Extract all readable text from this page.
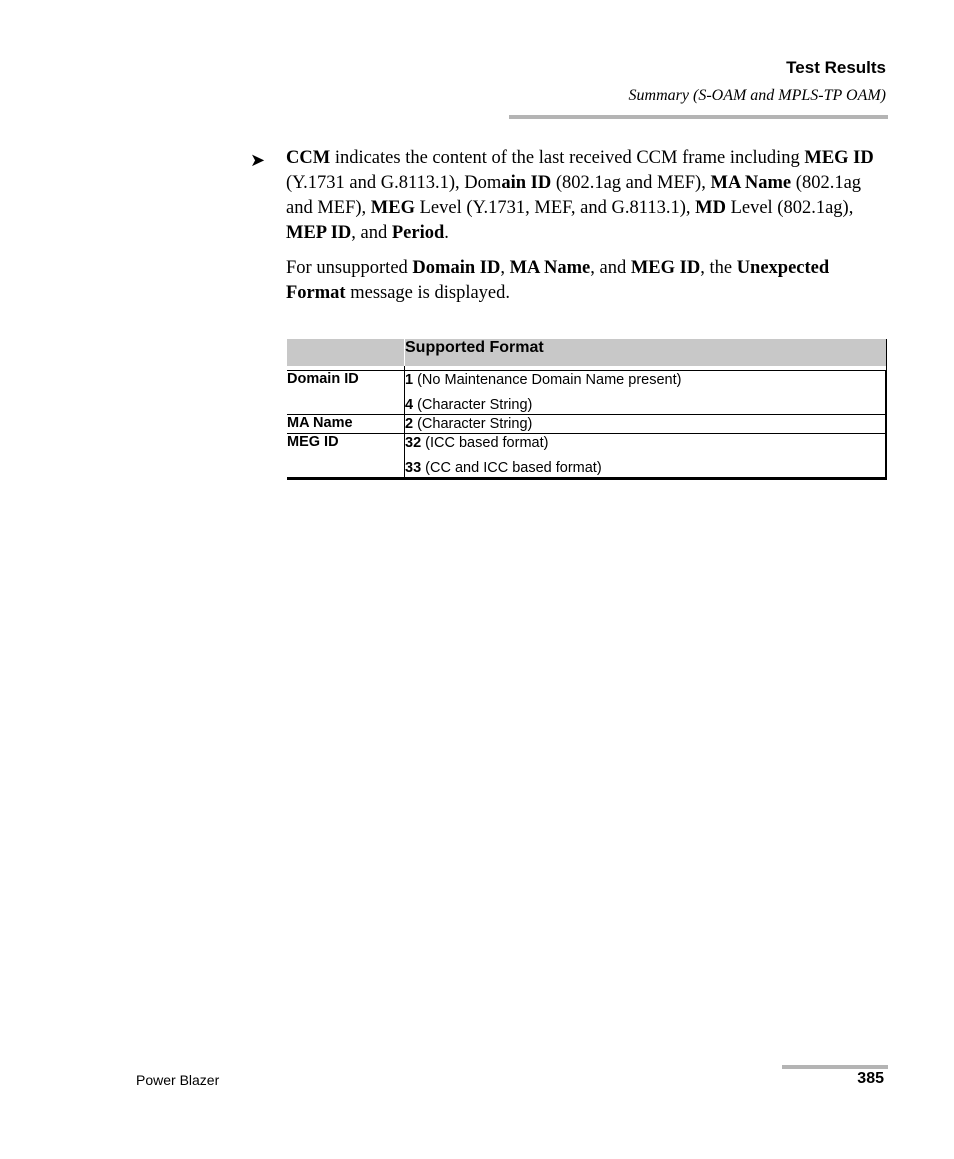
Test Results
Summary (S-OAM and MPLS-TP OAM)
➤ CCM indicates the content of the last received CCM frame including MEG ID (Y.1731 and G.8113.1), Domain ID (802.1ag and MEF), MA Name (802.1ag and MEF), MEG Level (Y.1731, MEF, and G.8113.1), MD Level (802.1ag), MEP ID, and Period.

For unsupported Domain ID, MA Name, and MEG ID, the Unexpected Format message is displayed.

	Supported Format

Domain ID	1 (No Maintenance Domain Name present)
4 (Character String)

MA Name	2 (Character String)

MEG ID	32 (ICC based format)
33 (CC and ICC based format)
Power Blazer	385
